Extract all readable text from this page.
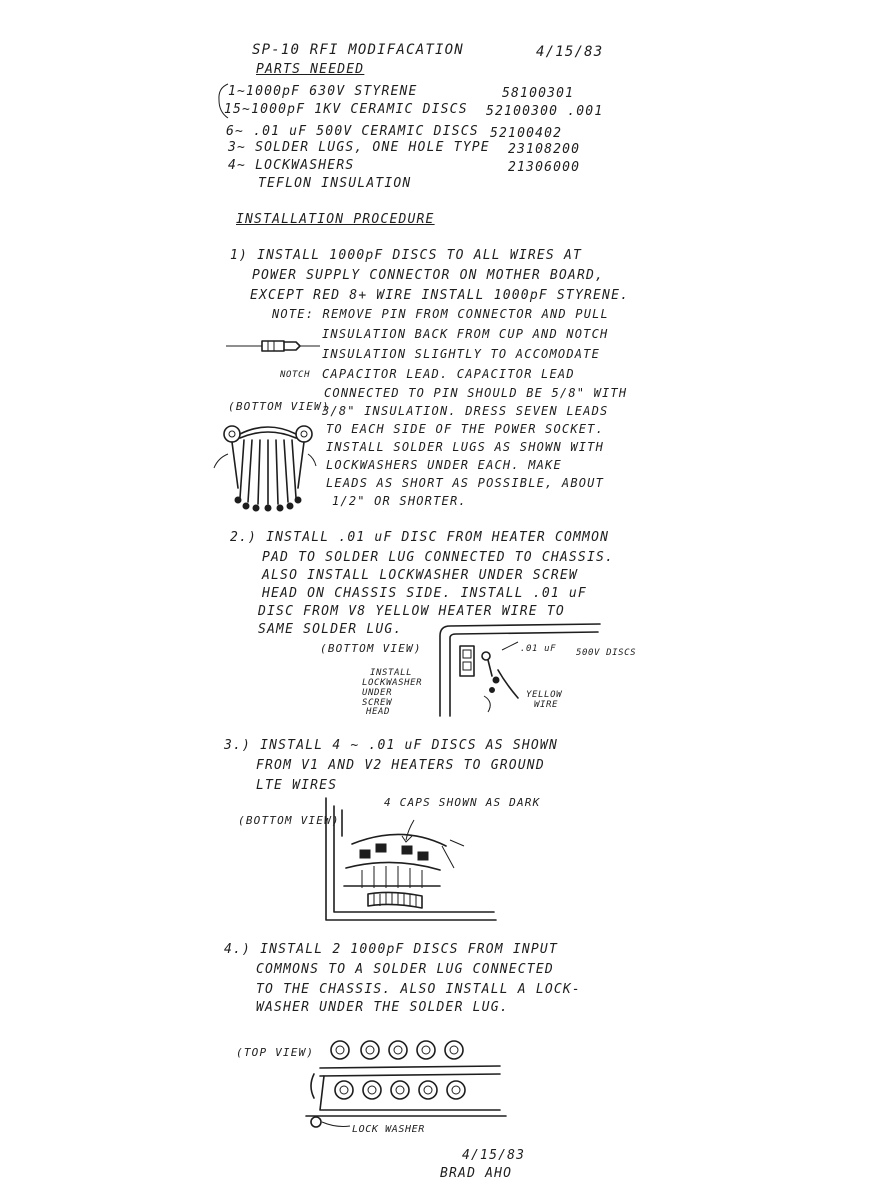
SP-10 RFI MODIFACATION	4/15/83
PARTS NEEDED
1~1000pF 630V STYRENE	58100301
15~1000pF 1KV CERAMIC DISCS 52100300 .001
6~ .01 uF 500V CERAMIC DISCS 52100402
3~ SOLDER LUGS, ONE HOLE TYPE 23108200
4~ LOCKWASHERS	21306000
TEFLON INSULATION
INSTALLATION PROCEDURE
1) INSTALL 1000pF DISCS TO ALL WIRES AT
POWER SUPPLY CONNECTOR ON MOTHER BOARD,
EXCEPT RED 8+ WIRE INSTALL 1000pF STYRENE.
NOTE: REMOVE PIN FROM CONNECTOR AND PULL
INSULATION BACK FROM CUP AND NOTCH
INSULATION SLIGHTLY TO ACCOMODATE
CAPACITOR LEAD. CAPACITOR LEAD
CONNECTED TO PIN SHOULD BE 5/8" WITH
3/8" INSULATION. DRESS SEVEN LEADS
TO EACH SIDE OF THE POWER SOCKET.
INSTALL SOLDER LUGS AS SHOWN WITH
LOCKWASHERS UNDER EACH. MAKE
LEADS AS SHORT AS POSSIBLE, ABOUT
1/2" OR SHORTER.
NOTCH
(BOTTOM VIEW)
2.) INSTALL .01 uF DISC FROM HEATER COMMON
PAD TO SOLDER LUG CONNECTED TO CHASSIS.
ALSO INSTALL LOCKWASHER UNDER SCREW
HEAD ON CHASSIS SIDE. INSTALL .01 uF
DISC FROM V8 YELLOW HEATER WIRE TO
SAME SOLDER LUG.
(BOTTOM VIEW)	.01 uF 500V DISCS
INSTALL
LOCKWASHER
UNDER
SCREW
HEAD
YELLOW
WIRE
3.) INSTALL 4 ~ .01 uF DISCS AS SHOWN
FROM V1 AND V2 HEATERS TO GROUND
LTE WIRES
4 CAPS SHOWN AS DARK
(BOTTOM VIEW)
4.) INSTALL 2 1000pF DISCS FROM INPUT
COMMONS TO A SOLDER LUG CONNECTED
TO THE CHASSIS. ALSO INSTALL A LOCK-
WASHER UNDER THE SOLDER LUG.
(TOP VIEW)
LOCK WASHER
4/15/83
BRAD AHO
